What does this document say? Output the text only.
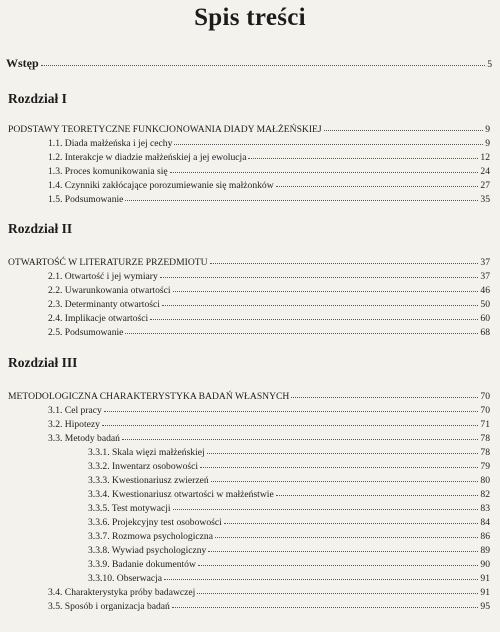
Spis treści
Wstęp	5
Rozdział I
PODSTAWY TEORETYCZNE FUNKCJONOWANIA DIADY MAŁŻEŃSKIEJ	9
1.1. Diada małżeńska i jej cechy	9
1.2. Interakcje w diadzie małżeńskiej a jej ewolucja	12
1.3. Proces komunikowania się	24
1.4. Czynniki zakłócające porozumiewanie się małżonków	27
1.5. Podsumowanie	35
Rozdział II
OTWARTOŚĆ W LITERATURZE PRZEDMIOTU	37
2.1. Otwartość i jej wymiary	37
2.2. Uwarunkowania otwartości	46
2.3. Determinanty otwartości	50
2.4. Implikacje otwartości	60
2.5. Podsumowanie	68
Rozdział III
METODOLOGICZNA CHARAKTERYSTYKA BADAŃ WŁASNYCH	70
3.1. Cel pracy	70
3.2. Hipotezy	71
3.3. Metody badań	78
3.3.1. Skala więzi małżeńskiej	78
3.3.2. Inwentarz osobowości	79
3.3.3. Kwestionariusz zwierzeń	80
3.3.4. Kwestionariusz otwartości w małżeństwie	82
3.3.5. Test motywacji	83
3.3.6. Projekcyjny test osobowości	84
3.3.7. Rozmowa psychologiczna	86
3.3.8. Wywiad psychologiczny	89
3.3.9. Badanie dokumentów	90
3.3.10. Obserwacja	91
3.4. Charakterystyka próby badawczej	91
3.5. Sposób i organizacja badań	95
